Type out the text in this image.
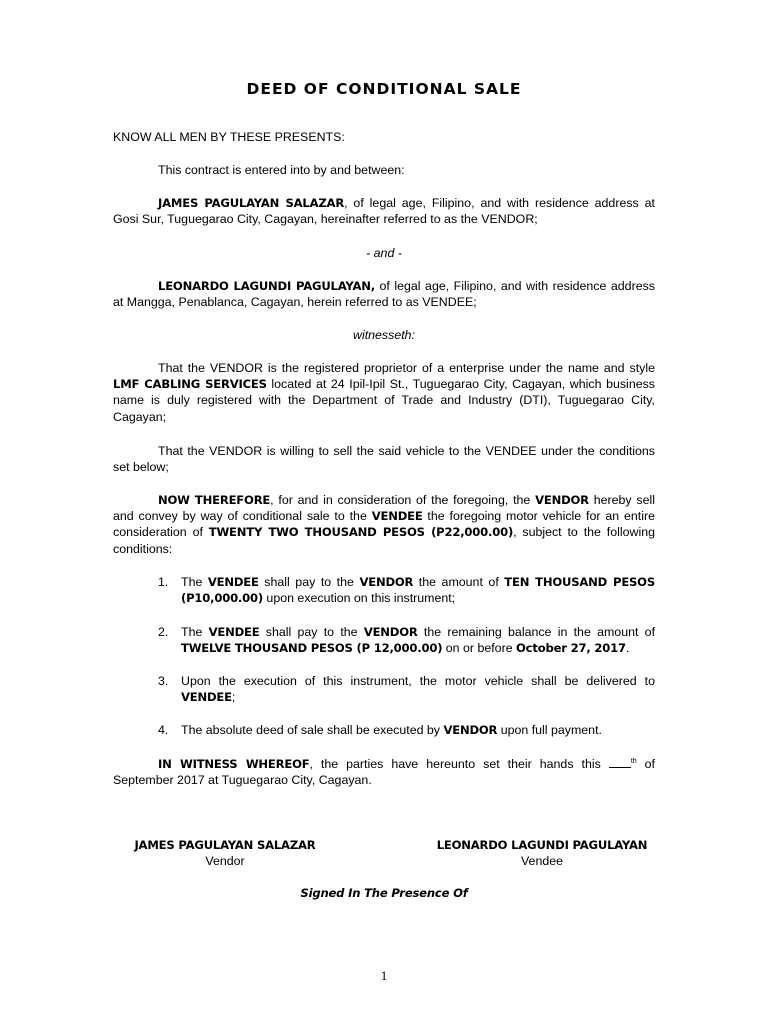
DEED OF CONDITIONAL SALE
KNOW ALL MEN BY THESE PRESENTS:
This contract is entered into by and between:
JAMES PAGULAYAN SALAZAR, of legal age, Filipino, and with residence address at Gosi Sur, Tuguegarao City, Cagayan, hereinafter referred to as the VENDOR;
- and -
LEONARDO LAGUNDI PAGULAYAN, of legal age, Filipino, and with residence address at Mangga, Penablanca, Cagayan, herein referred to as VENDEE;
witnesseth:
That the VENDOR is the registered proprietor of a enterprise under the name and style LMF CABLING SERVICES located at 24 Ipil-Ipil St., Tuguegarao City, Cagayan, which business name is duly registered with the Department of Trade and Industry (DTI), Tuguegarao City, Cagayan;
That the VENDOR is willing to sell the said vehicle to the VENDEE under the conditions set below;
NOW THEREFORE, for and in consideration of the foregoing, the VENDOR hereby sell and convey by way of conditional sale to the VENDEE the foregoing motor vehicle for an entire consideration of TWENTY TWO THOUSAND PESOS (P22,000.00), subject to the following conditions:
1. The VENDEE shall pay to the VENDOR the amount of TEN THOUSAND PESOS (P10,000.00) upon execution on this instrument;
2. The VENDEE shall pay to the VENDOR the remaining balance in the amount of TWELVE THOUSAND PESOS (P 12,000.00) on or before October 27, 2017.
3. Upon the execution of this instrument, the motor vehicle shall be delivered to VENDEE;
4. The absolute deed of sale shall be executed by VENDOR upon full payment.
IN WITNESS WHEREOF, the parties have hereunto set their hands this	$^{th}$ of September 2017 at Tuguegarao City, Cagayan.
JAMES PAGULAYAN SALAZAR
Vendor
LEONARDO LAGUNDI PAGULAYAN
Vendee
Signed In The Presence Of
1
